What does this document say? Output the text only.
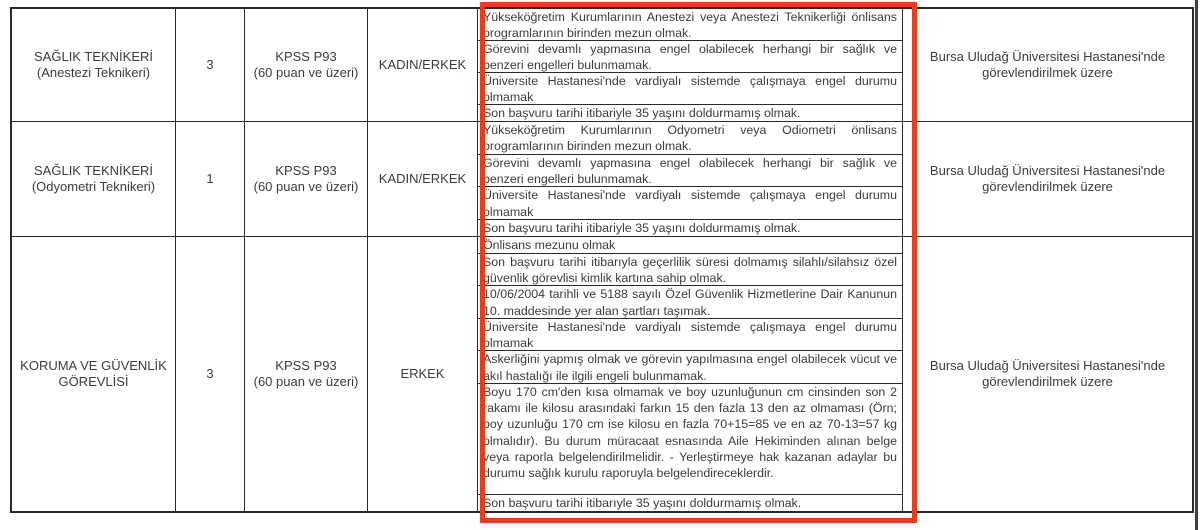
SAĞLIK TEKNİKERİ
(Anestezi Teknikeri)
3
KPSS P93
(60 puan ve üzeri)
KADIN/ERKEK
Yükseköğretim Kurumlarının Anestezi veya Anestezi Teknikerliği önlisans programlarının birinden mezun olmak.
Görevini devamlı yapmasına engel olabilecek herhangi bir sağlık ve benzeri engelleri bulunmamak.
Üniversite Hastanesi'nde vardiyalı sistemde çalışmaya engel durumu olmamak
Son başvuru tarihi itibariyle 35 yaşını doldurmamış olmak.
Bursa Uludağ Üniversitesi Hastanesi'nde görevlendirilmek üzere
SAĞLIK TEKNİKERİ
(Odyometri Teknikeri)
1
KPSS P93
(60 puan ve üzeri)
KADIN/ERKEK
Yükseköğretim Kurumlarının Odyometri veya Odiometri önlisans programlarının birinden mezun olmak.
Görevini devamlı yapmasına engel olabilecek herhangi bir sağlık ve benzeri engelleri bulunmamak.
Üniversite Hastanesi'nde vardiyalı sistemde çalışmaya engel durumu olmamak
Son başvuru tarihi itibariyle 35 yaşını doldurmamış olmak.
Bursa Uludağ Üniversitesi Hastanesi'nde görevlendirilmek üzere
KORUMA VE GÜVENLİK GÖREVLİSİ
3
KPSS P93
(60 puan ve üzeri)
ERKEK
Önlisans mezunu olmak
Son başvuru tarihi itibarıyla geçerlilik süresi dolmamış silahlı/silahsız özel güvenlik görevlisi kimlik kartına sahip olmak.
10/06/2004 tarihli ve 5188 sayılı Özel Güvenlik Hizmetlerine Dair Kanunun 10. maddesinde yer alan şartları taşımak.
Üniversite Hastanesi'nde vardiyalı sistemde çalışmaya engel durumu olmamak
Askerliğini yapmış olmak ve görevin yapılmasına engel olabilecek vücut ve akıl hastalığı ile ilgili engeli bulunmamak.
Boyu 170 cm'den kısa olmamak ve boy uzunluğunun cm cinsinden son 2 rakamı ile kilosu arasındaki farkın 15 den fazla 13 den az olmaması (Örn; boy uzunluğu 170 cm ise kilosu en fazla 70+15=85 ve en az 70-13=57 kg olmalıdır). Bu durum müracaat esnasında Aile Hekiminden alınan belge veya raporla belgelendirilmelidir. - Yerleştirmeye hak kazanan adaylar bu durumu sağlık kurulu raporuyla belgelendireceklerdir.
Son başvuru tarihi itibarıyle 35 yaşını doldurmamış olmak.
Bursa Uludağ Üniversitesi Hastanesi'nde görevlendirilmek üzere
